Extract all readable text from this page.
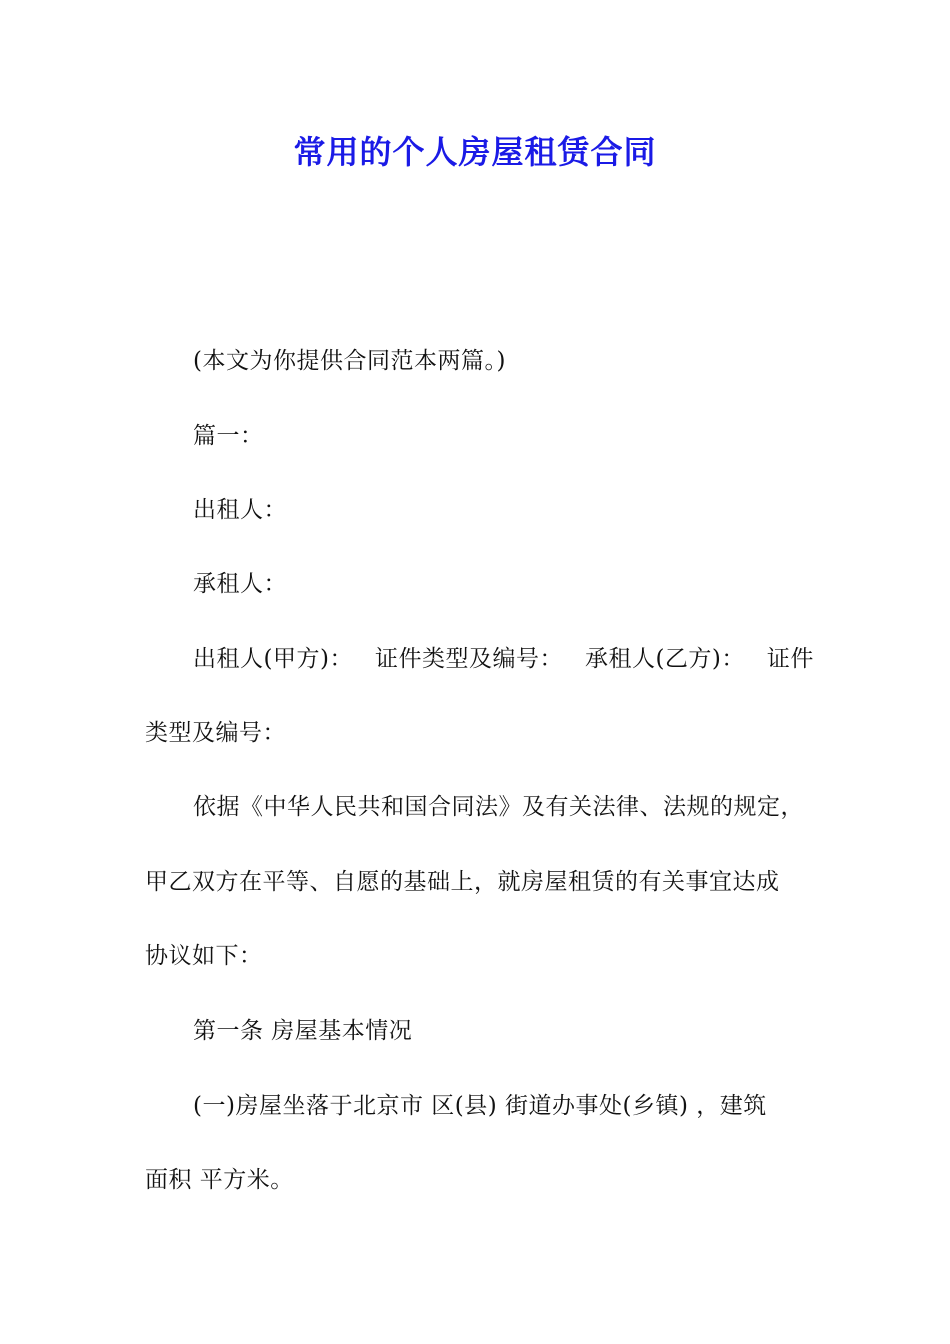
常用的个人房屋租赁合同
(本文为你提供合同范本两篇。)
篇一：
出租人：
承租人：
出租人(甲方)： 证件类型及编号： 承租人(乙方)： 证件
类型及编号：
依据《中华人民共和国合同法》及有关法律、法规的规定，
甲乙双方在平等、自愿的基础上，就房屋租赁的有关事宜达成
协议如下：
第一条 房屋基本情况
(一)房屋坐落于北京市 区(县) 街道办事处(乡镇) ，建筑
面积 平方米。
